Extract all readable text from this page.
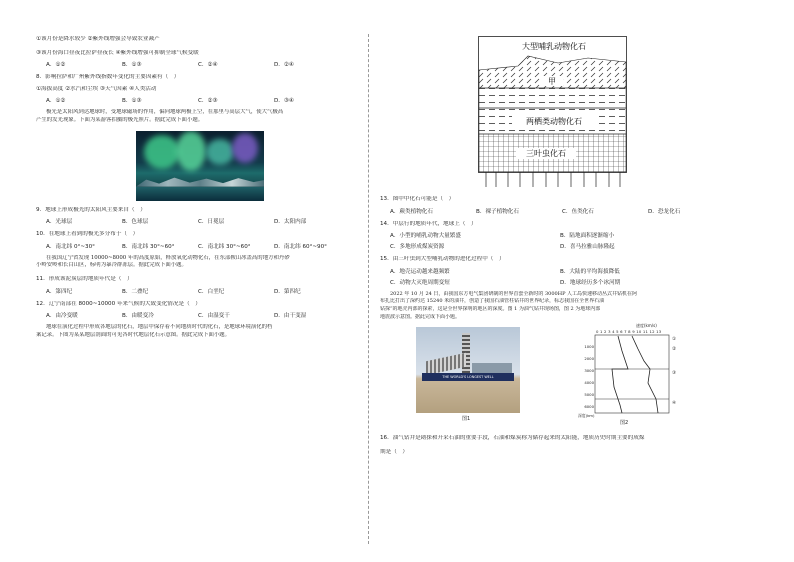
①该月份是降水较少 ②紫外线增强会导致农业减产

③该月份海口昼夜比拉萨昼夜长 ④紫外线增强可抑制全球气候变暖

A．①②	B．①③	C．②④	D．②④

8．影响拉萨和广州紫外线指数年变化的主要因素有（　）

①海拔高度 ②水汽和尘埃 ③天气因素 ④人类活动

A．①②	B．①③	C．②③	D．③④
极光是太阳风到达地球时，受地球磁场的作用，偏向地球两极上空，在那里与高层大气，使大气极高
产生的发光现象。下面为某游客拍摄的极光照片。据此完成下面小题。

9．地球上形成极光的太阳风主要来自（　）

A．光球层	B．色球层	C．日冕层	D．太阳内部

10．在地球上看到的极光多分布于（　）

A．南北纬 0°~30°	B．南北纬 30°~60°	C．南北纬 30°~60°	D．南北纬 60°~90°
在我国辽宁省发现 10000~8000 年的高度原始，释放氧化动物化石，在东部鞍山冰盖高的地方和丹砂
小岭安岭和长白山区，标明为暴冷群冻层。据此完成下面小题。

11．形成该泥炭层的地质年代是（　）

A．第四纪	B．二叠纪	C．白垩纪	D．第四纪

12．辽宁南部在 8000~10000 年来气候的大致变化情况是（　）

A．由冷变暖	B．由暖变冷	C．由湿变干	D．由干变湿
地球在演化过程中形成各地层的化石，地层中保存着不同地质时代的化石，是地球环境演化的档
案记录。下图为某某地层剖面的可见各时代地层化石示意图。据此完成下面小题。
大型哺乳动物化石
甲
两栖类动物化石
三叶虫化石

13．图中甲化石可能是（　）

A．蕨类植物化石	B．裸子植物化石	C．鱼类化石	D．恐龙化石

14．甲层行的地质年代，地球上（　）

A．小型的哺乳动物大量繁盛	B．陆地面积逐渐缩小
C．多地形成煤炭资源	D．喜马拉雅山脉隆起

15．由三叶虫到大型哺乳动物的进化过程中（　）

A．地壳运动越来越频繁	B．大陆的平均海拔降低
C．动物大灭绝周期变短	D．地球经历多个冰河期
2022 年 10 月 24 日，由我国东方电气集团研制的世界首套全新时的 3000HP 人工岛快速移动丛式井钻机在阿
布扎比打出了深约达 15240 米的油井，创造了我国石油管柱钻井的世界纪录，标志我国在全世界石油
钻探”的地壳内部的探索，这是全世界探明的地区的深度。图 1 为油气钻井现场图，图 2 为地球内部
地震波示意图。据此完成下面小题。
THE WORLD'S LONGEST WELL
图1
速度(km/s)
0 1 2 3 4 5 6 7 8 9 10 11 12 13
1000
2000
3000
4000
5000
6000
深度(km)
①
②
③
④
图2

16．油气钻井是勘探和开采石油的重要手段，石油和煤炭称为储存起来的太阳能，地质历史时期主要的成煤

期是（　）
